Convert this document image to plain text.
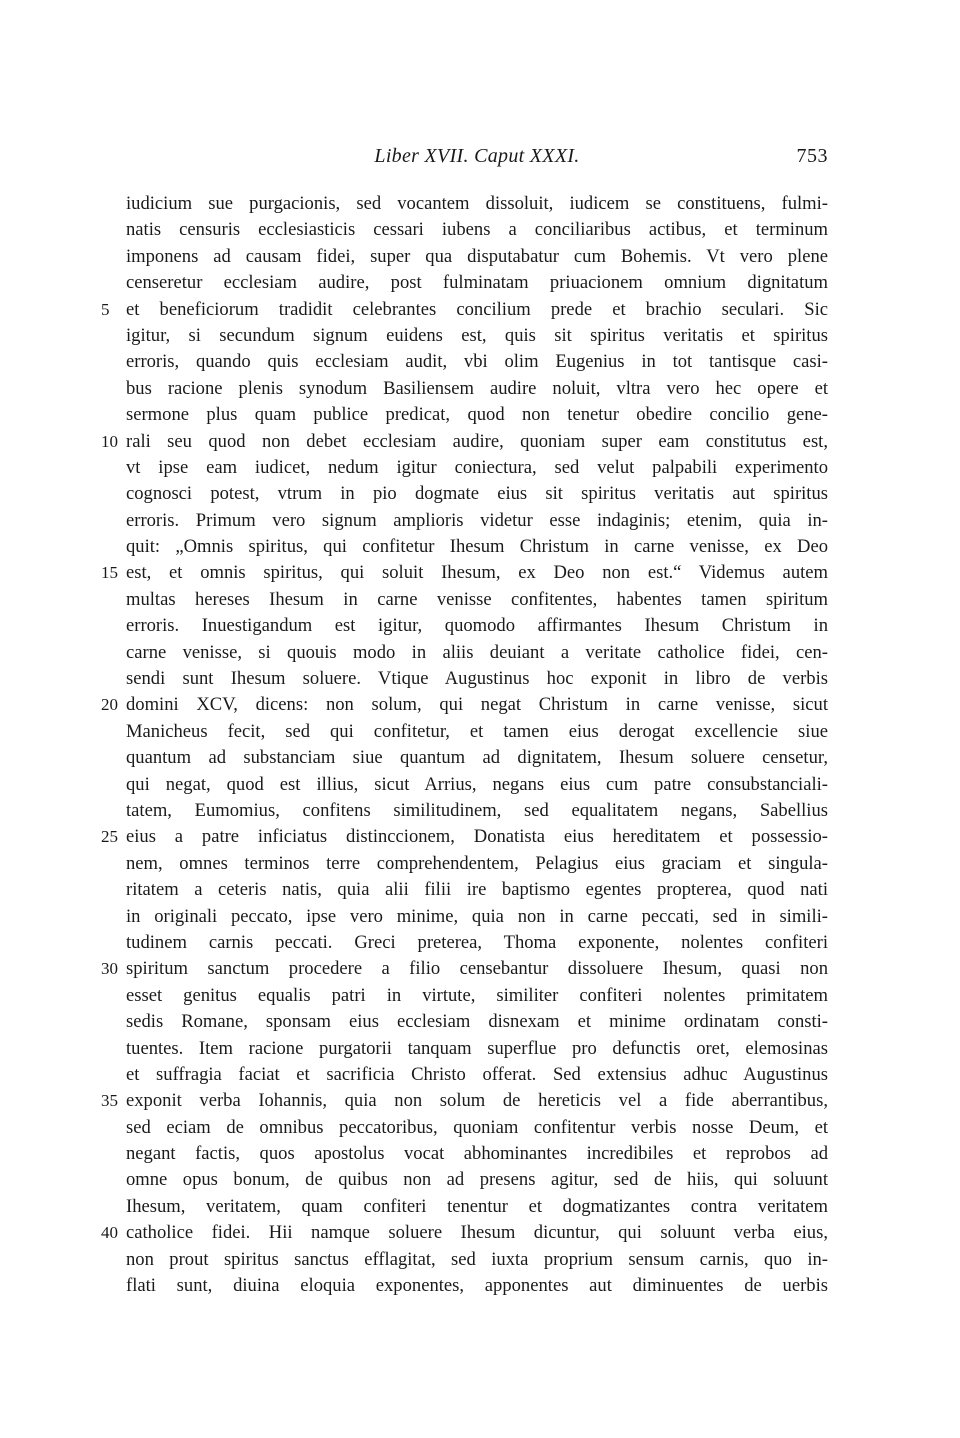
Liber XVII. Caput XXXI.	753
iudicium sue purgacionis, sed vocantem dissoluit, iudicem se constituens, fulmi-
natis censuris ecclesiasticis cessari iubens a conciliaribus actibus, et terminum
imponens ad causam fidei, super qua disputabatur cum Bohemis. Vt vero plene
censeretur ecclesiam audire, post fulminatam priuacionem omnium dignitatum
5 et beneficiorum tradidit celebrantes concilium prede et brachio seculari. Sic
igitur, si secundum signum euidens est, quis sit spiritus veritatis et spiritus
erroris, quando quis ecclesiam audit, vbi olim Eugenius in tot tantisque casi-
bus racione plenis synodum Basiliensem audire noluit, vltra vero hec opere et
sermone plus quam publice predicat, quod non tenetur obedire concilio gene-
10 rali seu quod non debet ecclesiam audire, quoniam super eam constitutus est,
vt ipse eam iudicet, nedum igitur coniectura, sed velut palpabili experimento
cognosci potest, vtrum in pio dogmate eius sit spiritus veritatis aut spiritus
erroris. Primum vero signum amplioris videtur esse indaginis; etenim, quia in-
quit: „Omnis spiritus, qui confitetur Ihesum Christum in carne venisse, ex Deo
15 est, et omnis spiritus, qui soluit Ihesum, ex Deo non est.“ Videmus autem
multas hereses Ihesum in carne venisse confitentes, habentes tamen spiritum
erroris. Inuestigandum est igitur, quomodo affirmantes Ihesum Christum in
carne venisse, si quouis modo in aliis deuiant a veritate catholice fidei, cen-
sendi sunt Ihesum soluere. Vtique Augustinus hoc exponit in libro de verbis
20 domini XCV, dicens: non solum, qui negat Christum in carne venisse, sicut
Manicheus fecit, sed qui confitetur, et tamen eius derogat excellencie siue
quantum ad substanciam siue quantum ad dignitatem, Ihesum soluere censetur,
qui negat, quod est illius, sicut Arrius, negans eius cum patre consubstanciali-
tatem, Eumomius, confitens similitudinem, sed equalitatem negans, Sabellius
25 eius a patre inficiatus distinccionem, Donatista eius hereditatem et possessio-
nem, omnes terminos terre comprehendentem, Pelagius eius graciam et singula-
ritatem a ceteris natis, quia alii filii ire baptismo egentes propterea, quod nati
in originali peccato, ipse vero minime, quia non in carne peccati, sed in simili-
tudinem carnis peccati. Greci preterea, Thoma exponente, nolentes confiteri
30 spiritum sanctum procedere a filio censebantur dissoluere Ihesum, quasi non
esset genitus equalis patri in virtute, similiter confiteri nolentes primitatem
sedis Romane, sponsam eius ecclesiam disnexam et minime ordinatam consti-
tuentes. Item racione purgatorii tanquam superflue pro defunctis oret, elemosinas
et suffragia faciat et sacrificia Christo offerat. Sed extensius adhuc Augustinus
35 exponit verba Iohannis, quia non solum de hereticis vel a fide aberrantibus,
sed eciam de omnibus peccatoribus, quoniam confitentur verbis nosse Deum, et
negant factis, quos apostolus vocat abhominantes incredibiles et reprobos ad
omne opus bonum, de quibus non ad presens agitur, sed de hiis, qui soluunt
Ihesum, veritatem, quam confiteri tenentur et dogmatizantes contra veritatem
40 catholice fidei. Hii namque soluere Ihesum dicuntur, qui soluunt verba eius,
non prout spiritus sanctus efflagitat, sed iuxta proprium sensum carnis, quo in-
flati sunt, diuina eloquia exponentes, apponentes aut diminuentes de uerbis
